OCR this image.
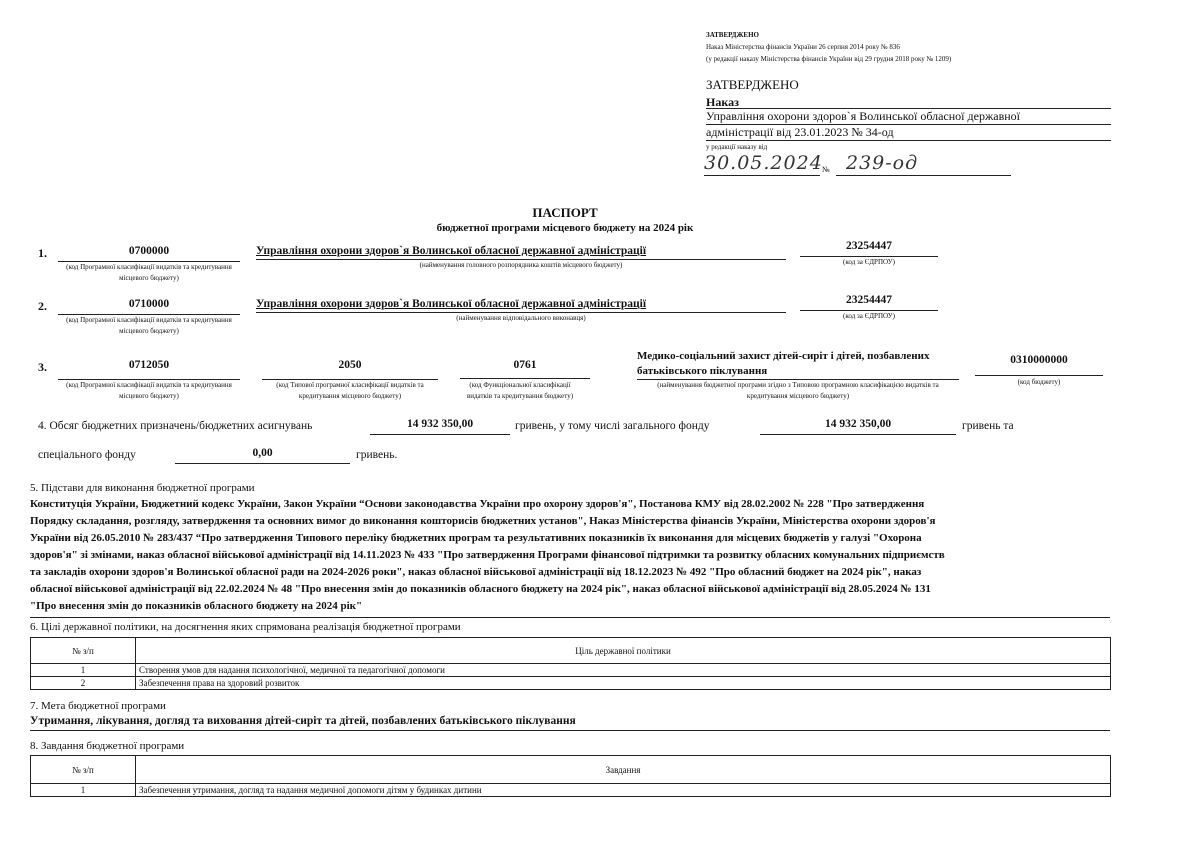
ЗАТВЕРДЖЕНО
Наказ Міністерства фінансів України 26 серпня 2014 року № 836
(у редакції наказу Міністерства фінансів України від 29 грудня 2018 року № 1209)
ЗАТВЕРДЖЕНО
Наказ
Управління охорони здоров`я Волинської обласної державної
адміністрації від 23.01.2023 № 34-од
у редакції наказу від
30.05.2024 № 239-од
ПАСПОРТ
бюджетної програми місцевого бюджету на 2024 рік
1.	0700000
(код Програмної класифікації видатків та кредитування місцевого бюджету)
Управління охорони здоров`я Волинської обласної державної адміністрації
(найменування головного розпорядника коштів місцевого бюджету)
23254447
(код за ЄДРПОУ)
2.	0710000
(код Програмної класифікації видатків та кредитування місцевого бюджету)
Управління охорони здоров`я Волинської обласної державної адміністрації
(найменування відповідального виконавця)
23254447
(код за ЄДРПОУ)
3.	0712050
(код Програмної класифікації видатків та кредитування місцевого бюджету)
2050
(код Типової програмної класифікації видатків та кредитування місцевого бюджету)
0761
(код Функціональної класифікації видатків та кредитування бюджету)
Медико-соціальний захист дітей-сиріт і дітей, позбавлених
батьківського піклування
(найменування бюджетної програми згідно з Типовою програмною класифікацією видатків та кредитування місцевого бюджету)
0310000000
(код бюджету)
4. Обсяг бюджетних призначень/бюджетних асигнувань	14 932 350,00	гривень, у тому числі загального фонду	14 932 350,00	гривень та
спеціального фонду	0,00	гривень.
5. Підстави для виконання бюджетної програми
Конституція України, Бюджетний кодекс України, Закон України “Основи законодавства України про охорону здоров'я", Постанова КМУ від 28.02.2002 № 228 "Про затвердження
Порядку складання, розгляду, затвердження та основних вимог до виконання кошторисів бюджетних установ", Наказ Міністерства фінансів України, Міністерства охорони здоров'я
України від 26.05.2010 № 283/437 “Про затвердження Типового переліку бюджетних програм та результативних показників їх виконання для місцевих бюджетів у галузі "Охорона
здоров'я" зі змінами, наказ обласної військової адміністрації від 14.11.2023 № 433 "Про затвердження Програми фінансової підтримки та розвитку обласних комунальних підприємств
та закладів охорони здоров'я Волинської обласної ради на 2024-2026 роки", наказ обласної військової адміністрації від 18.12.2023 № 492 "Про обласний бюджет на 2024 рік", наказ
обласної військової адміністрації від 22.02.2024 № 48 "Про внесення змін до показників обласного бюджету на 2024 рік", наказ обласної військової адміністрації від 28.05.2024 № 131
"Про внесення змін до показників обласного бюджету на 2024 рік"
6. Цілі державної політики, на досягнення яких спрямована реалізація бюджетної програми
№ з/п	Ціль державної політики
1	Створення умов для надання психологічної, медичної та педагогічної допомоги
2	Забезпечення права на здоровий розвиток
7. Мета бюджетної програми
Утримання, лікування, догляд та виховання дітей-сиріт та дітей, позбавлених батьківського піклування
8. Завдання бюджетної програми
№ з/п	Завдання
1	Забезпечення утримання, догляд та надання медичної допомоги дітям у будинках дитини
